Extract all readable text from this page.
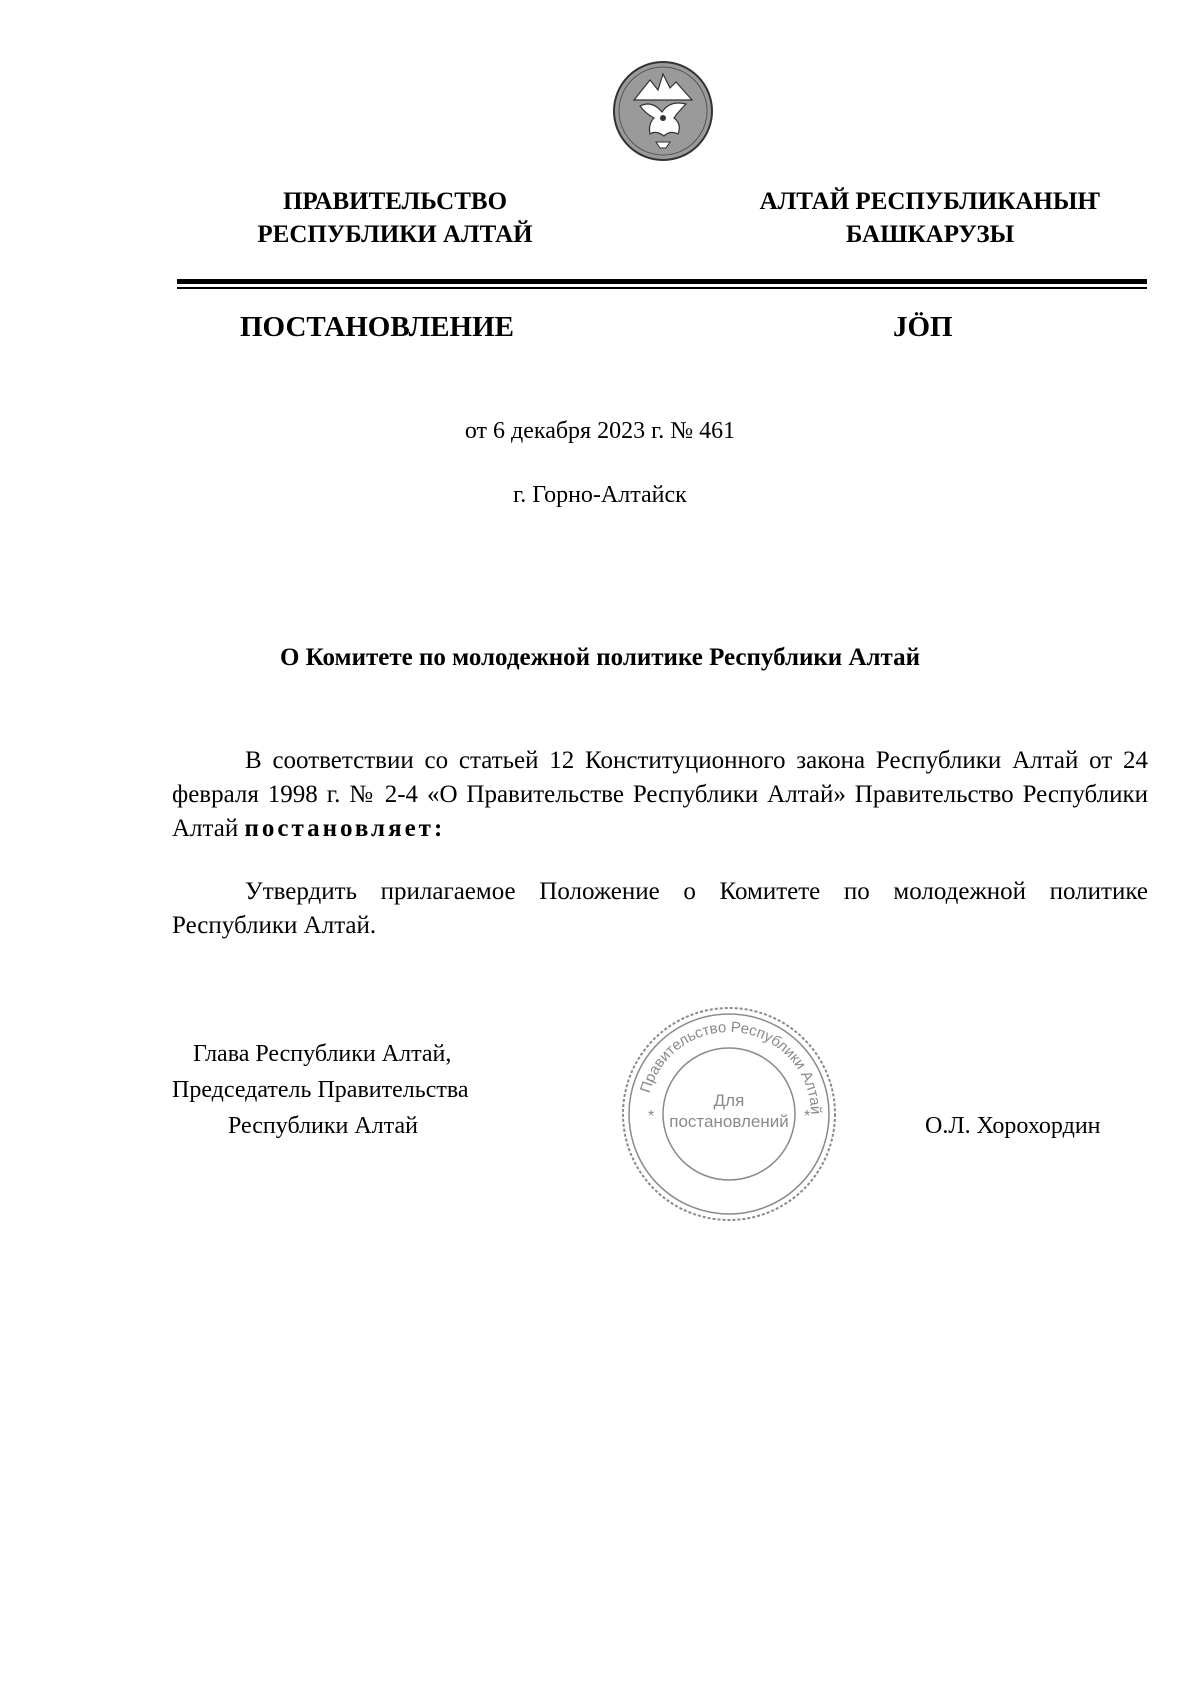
ПРАВИТЕЛЬСТВО
РЕСПУБЛИКИ АЛТАЙ
АЛТАЙ РЕСПУБЛИКАНЫҤ
БАШКАРУЗЫ
ПОСТАНОВЛЕНИЕ	JÖП
от 6 декабря 2023 г. № 461
г. Горно-Алтайск
О Комитете по молодежной политике Республики Алтай
В соответствии со статьей 12 Конституционного закона Республики Алтай от 24 февраля 1998 г. № 2-4 «О Правительстве Республики Алтай» Правительство Республики Алтай постановляет:
Утвердить прилагаемое Положение о Комитете по молодежной политике Республики Алтай.
Глава Республики Алтай,
Председатель Правительства
Республики Алтай	О.Л. Хорохордин
Правительство Республики Алтай
*	*
Для
постановлений
